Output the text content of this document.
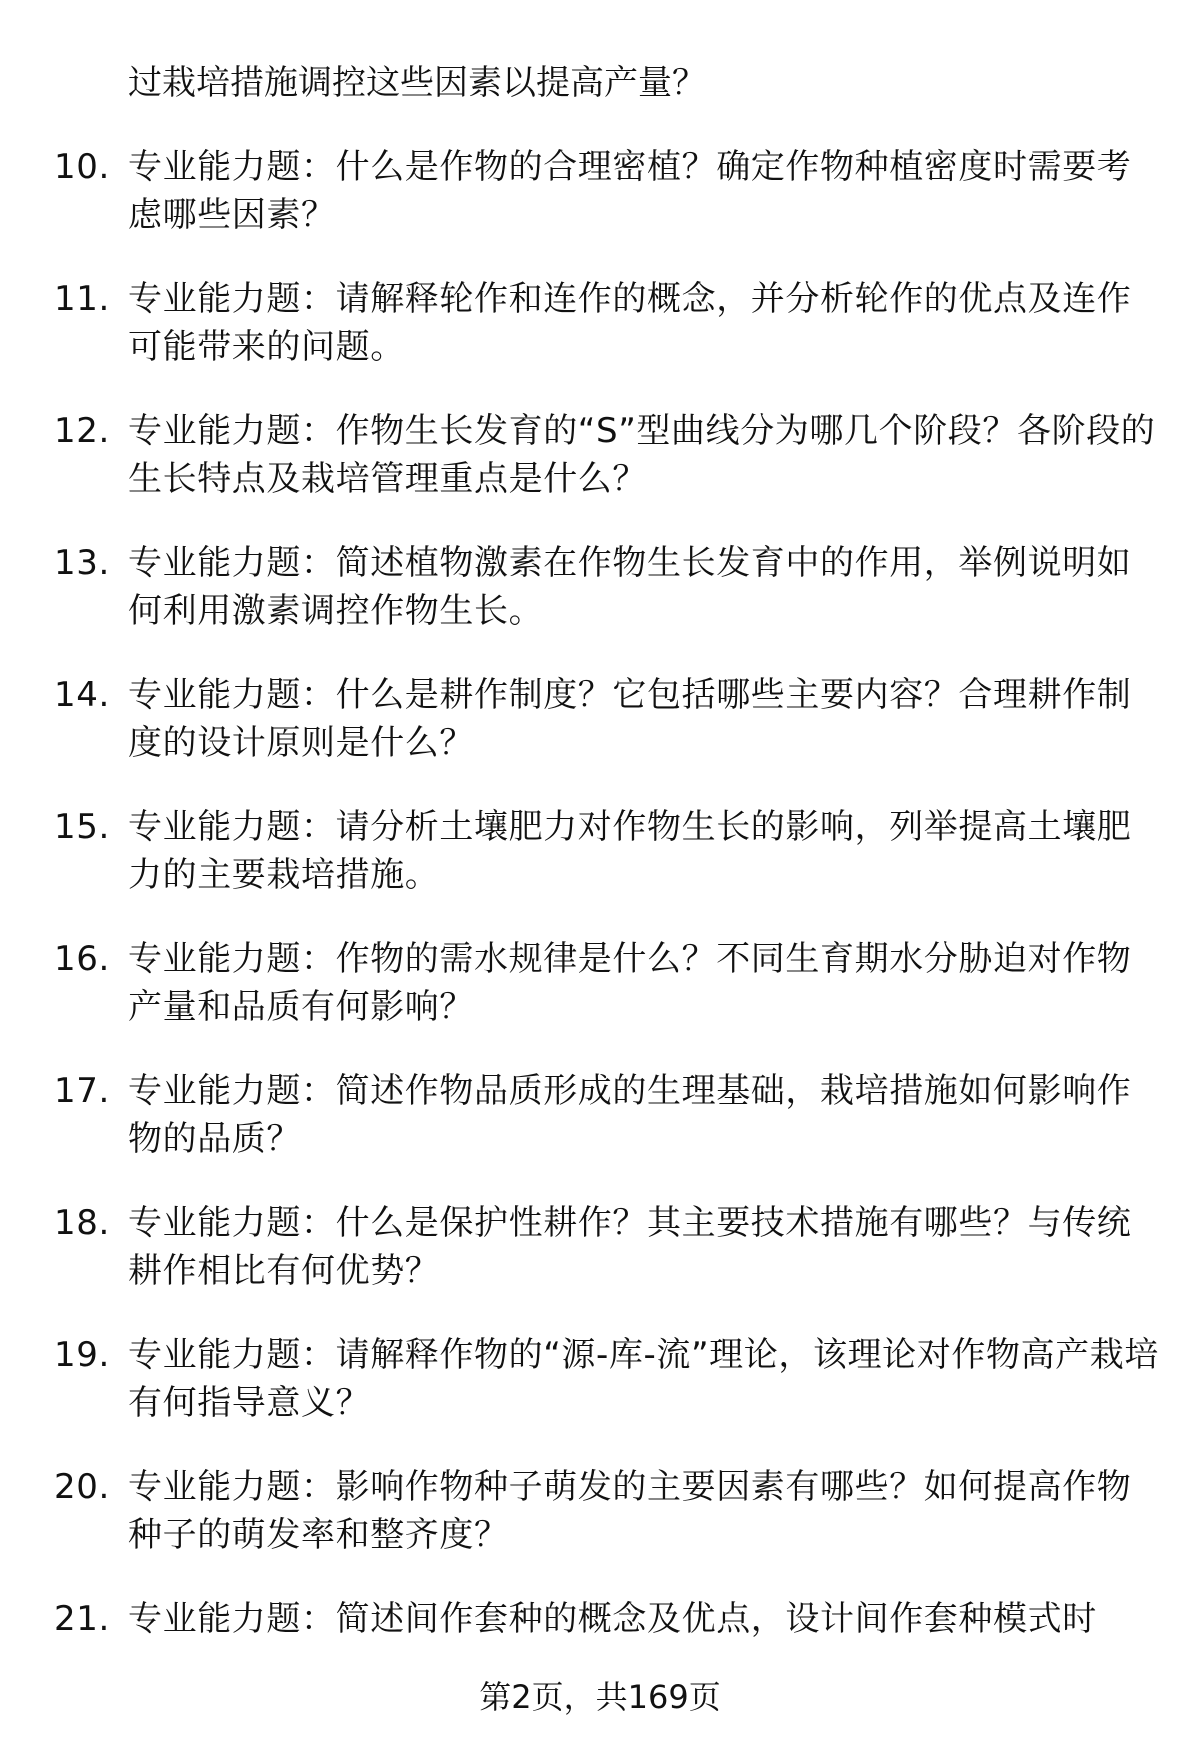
过栽培措施调控这些因素以提高产量？
10. 专业能力题：什么是作物的合理密植？确定作物种植密度时需要考虑哪些因素？
11. 专业能力题：请解释轮作和连作的概念，并分析轮作的优点及连作可能带来的问题。
12. 专业能力题：作物生长发育的“S”型曲线分为哪几个阶段？各阶段的生长特点及栽培管理重点是什么？
13. 专业能力题：简述植物激素在作物生长发育中的作用，举例说明如何利用激素调控作物生长。
14. 专业能力题：什么是耕作制度？它包括哪些主要内容？合理耕作制度的设计原则是什么？
15. 专业能力题：请分析土壤肥力对作物生长的影响，列举提高土壤肥力的主要栽培措施。
16. 专业能力题：作物的需水规律是什么？不同生育期水分胁迫对作物产量和品质有何影响？
17. 专业能力题：简述作物品质形成的生理基础，栽培措施如何影响作物的品质？
18. 专业能力题：什么是保护性耕作？其主要技术措施有哪些？与传统耕作相比有何优势？
19. 专业能力题：请解释作物的“源-库-流”理论，该理论对作物高产栽培有何指导意义？
20. 专业能力题：影响作物种子萌发的主要因素有哪些？如何提高作物种子的萌发率和整齐度？
21. 专业能力题：简述间作套种的概念及优点，设计间作套种模式时
第2页，共169页
